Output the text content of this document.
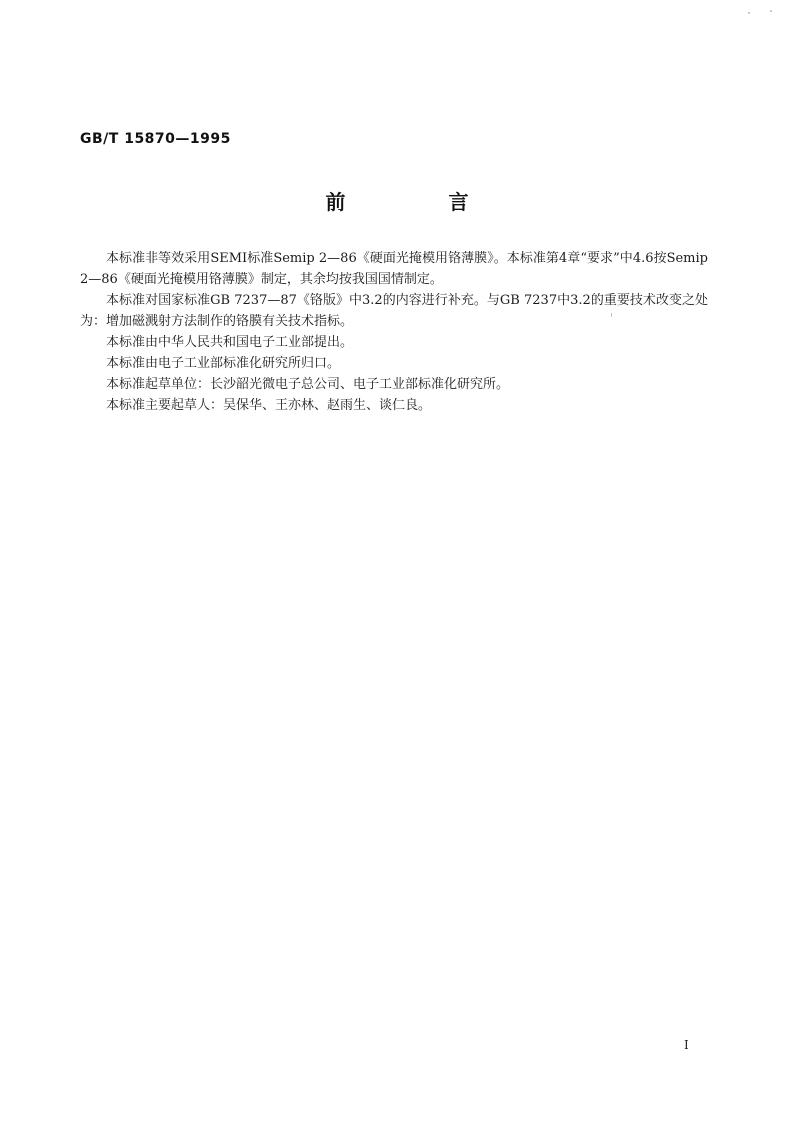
GB/T 15870—1995
前 言

本标准非等效采用SEMI标准Semip 2—86《硬面光掩模用铬薄膜》。本标准第4章“要求”中4.6按Semip 2—86《硬面光掩模用铬薄膜》制定，其余均按我国国情制定。

本标准对国家标准GB 7237—87《铬版》中3.2的内容进行补充。与GB 7237中3.2的重要技术改变之处为：增加磁溅射方法制作的铬膜有关技术指标。

本标准由中华人民共和国电子工业部提出。

本标准由电子工业部标准化研究所归口。

本标准起草单位：长沙韶光微电子总公司、电子工业部标准化研究所。

本标准主要起草人：吴保华、王亦林、赵雨生、谈仁良。

I
